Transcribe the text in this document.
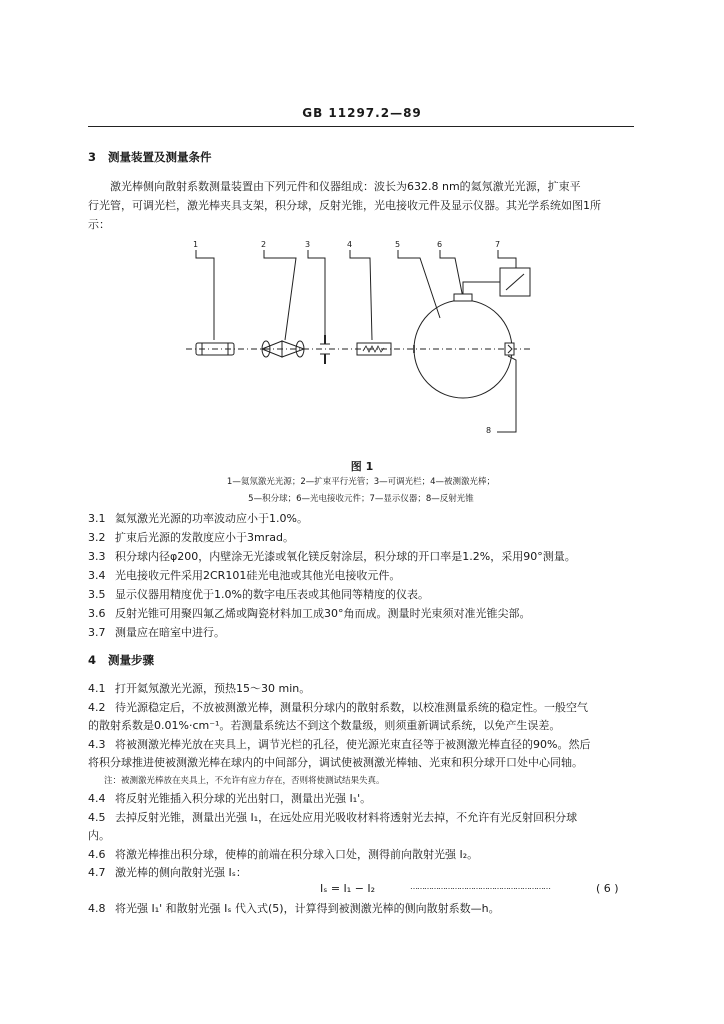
GB 11297.2—89
3 测量装置及测量条件
激光棒侧向散射系数测量装置由下列元件和仪器组成：波长为632.8 nm的氦氖激光光源，扩束平
行光管，可调光栏，激光棒夹具支架，积分球，反射光锥，光电接收元件及显示仪器。其光学系统如图1所
示：
1	2	3	4	5	6	7
8
图 1
1—氦氖激光光源；2—扩束平行光管；3—可调光栏；4—被测激光棒；
5—积分球；6—光电接收元件；7—显示仪器；8—反射光锥
3.1 氦氖激光光源的功率波动应小于1.0%。
3.2 扩束后光源的发散度应小于3mrad。
3.3 积分球内径φ200，内壁涂无光漆或氧化镁反射涂层，积分球的开口率是1.2%，采用90°测量。
3.4 光电接收元件采用2CR101硅光电池或其他光电接收元件。
3.5 显示仪器用精度优于1.0%的数字电压表或其他同等精度的仪表。
3.6 反射光锥可用聚四氟乙烯或陶瓷材料加工成30°角而成。测量时光束须对准光锥尖部。
3.7 测量应在暗室中进行。
4 测量步骤
4.1 打开氦氖激光光源，预热15～30 min。
4.2 待光源稳定后，不放被测激光棒，测量积分球内的散射系数，以校准测量系统的稳定性。一般空气
的散射系数是0.01%·cm⁻¹。若测量系统达不到这个数量级，则须重新调试系统，以免产生误差。
4.3 将被测激光棒光放在夹具上，调节光栏的孔径，使光源光束直径等于被测激光棒直径的90%。然后
将积分球推进使被测激光棒在球内的中间部分，调试使被测激光棒轴、光束和积分球开口处中心同轴。
注：被测激光棒放在夹具上，不允许有应力存在，否则将使测试结果失真。
4.4 将反射光锥插入积分球的光出射口，测量出光强 I₁'。
4.5 去掉反射光锥，测量出光强 I₁，在远处应用光吸收材料将透射光去掉，不允许有光反射回积分球
内。
4.6 将激光棒推出积分球，使棒的前端在积分球入口处，测得前向散射光强 I₂。
4.7 激光棒的侧向散射光强 Iₛ：
Iₛ = I₁ − I₂	……………………………………………………	( 6 )
4.8 将光强 I₁' 和散射光强 Iₛ 代入式(5)，计算得到被测激光棒的侧向散射系数—h。
